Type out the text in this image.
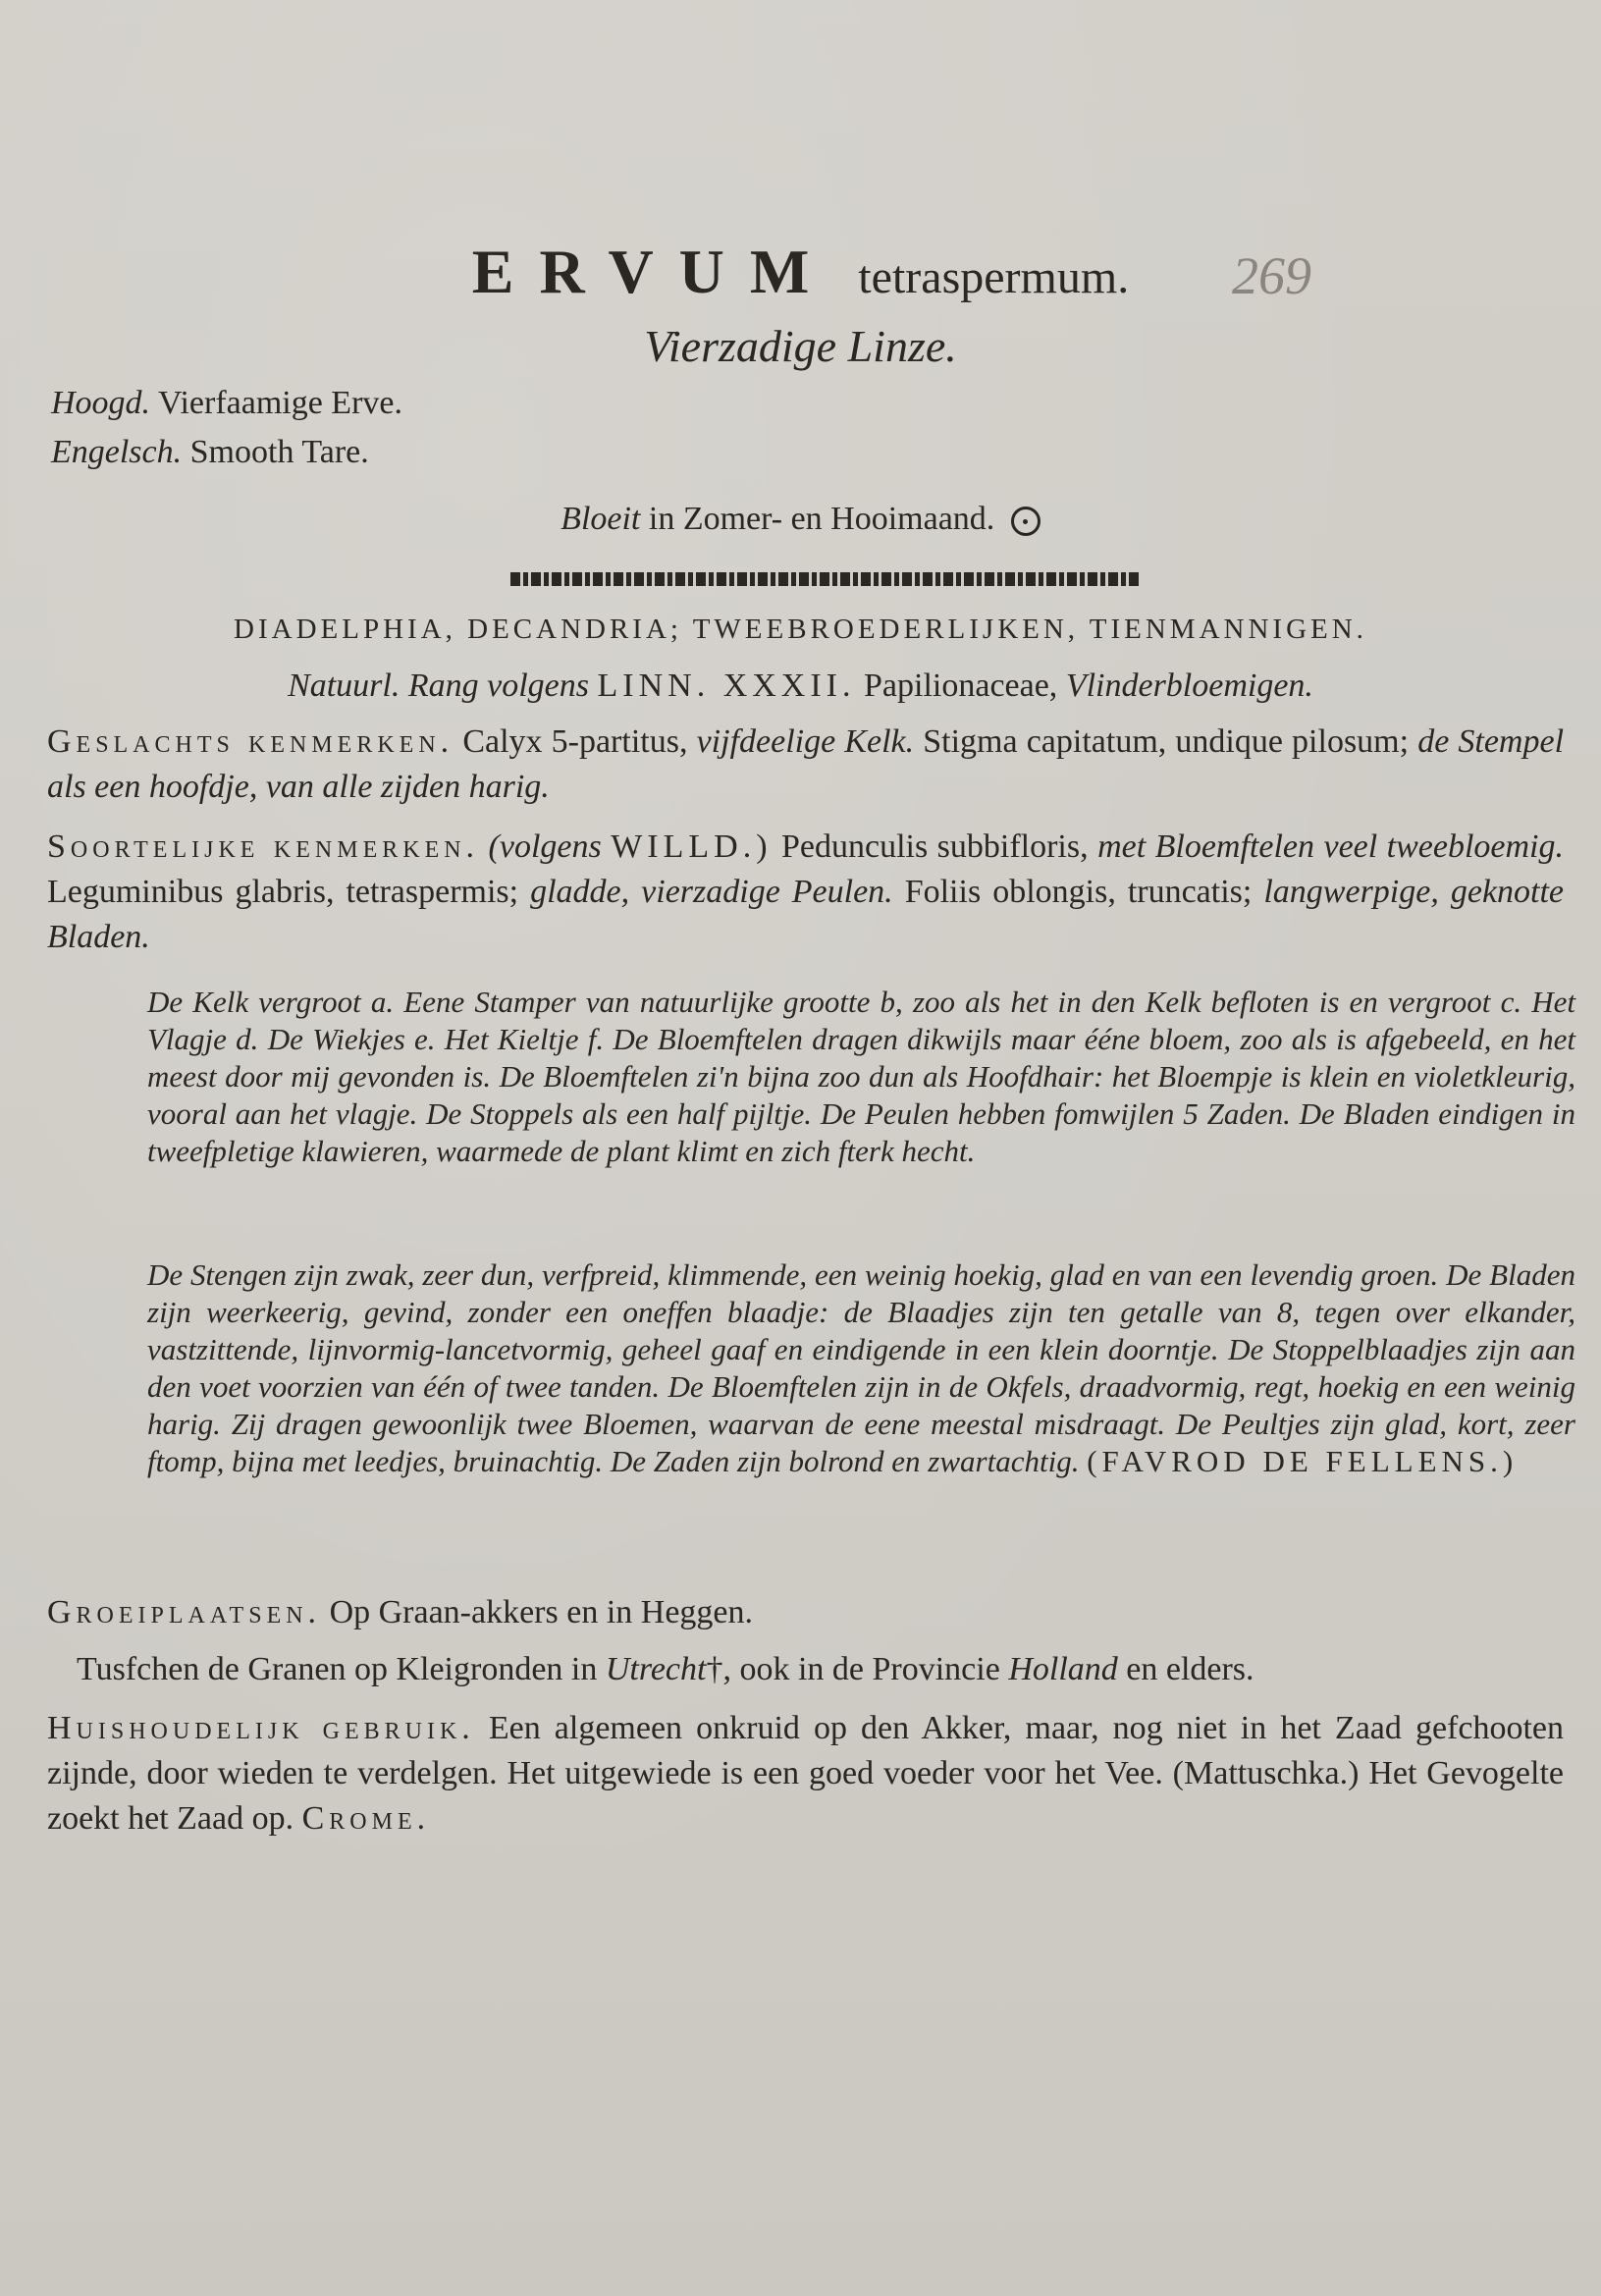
ERVUM tetraspermum.	269
Vierzadige Linze.
Hoogd. Vierfaamige Erve.
Engelsch. Smooth Tare.
Bloeit in Zomer- en Hooimaand.
DIADELPHIA, DECANDRIA; TWEEBROEDERLIJKEN, TIENMANNIGEN.
Natuurl. Rang volgens LINN. XXXII. Papilionaceae, Vlinderbloemigen.
Geslachts kenmerken. Calyx 5-partitus, vijfdeelige Kelk. Stigma capitatum, undique pilosum; de Stempel als een hoofdje, van alle zijden harig.
Soortelijke kenmerken. (volgens WILLD.) Pedunculis subbifloris, met Bloemftelen veel tweebloemig. Leguminibus glabris, tetraspermis; gladde, vierzadige Peulen. Foliis oblongis, truncatis; langwerpige, geknotte Bladen.
De Kelk vergroot a. Eene Stamper van natuurlijke grootte b, zoo als het in den Kelk befloten is en vergroot c. Het Vlagje d. De Wiekjes e. Het Kieltje f. De Bloemftelen dragen dikwijls maar ééne bloem, zoo als is afgebeeld, en het meest door mij gevonden is. De Bloemftelen zi'n bijna zoo dun als Hoofdhair: het Bloempje is klein en violetkleurig, vooral aan het vlagje. De Stoppels als een half pijltje. De Peulen hebben fomwijlen 5 Zaden. De Bladen eindigen in tweefpletige klawieren, waarmede de plant klimt en zich fterk hecht.
De Stengen zijn zwak, zeer dun, verfpreid, klimmende, een weinig hoekig, glad en van een levendig groen. De Bladen zijn weerkeerig, gevind, zonder een oneffen blaadje: de Blaadjes zijn ten getalle van 8, tegen over elkander, vastzittende, lijnvormig-lancetvormig, geheel gaaf en eindigende in een klein doorntje. De Stoppelblaadjes zijn aan den voet voorzien van één of twee tanden. De Bloemftelen zijn in de Okfels, draadvormig, regt, hoekig en een weinig harig. Zij dragen gewoonlijk twee Bloemen, waarvan de eene meestal misdraagt. De Peultjes zijn glad, kort, zeer ftomp, bijna met leedjes, bruinachtig. De Zaden zijn bolrond en zwartachtig. (FAVROD DE FELLENS.)
Groeiplaatsen. Op Graan-akkers en in Heggen.
Tusfchen de Granen op Kleigronden in Utrecht†, ook in de Provincie Holland en elders.
Huishoudelijk gebruik. Een algemeen onkruid op den Akker, maar, nog niet in het Zaad gefchooten zijnde, door wieden te verdelgen. Het uitgewiede is een goed voeder voor het Vee. (Mattuschka.) Het Gevogelte zoekt het Zaad op. Crome.
